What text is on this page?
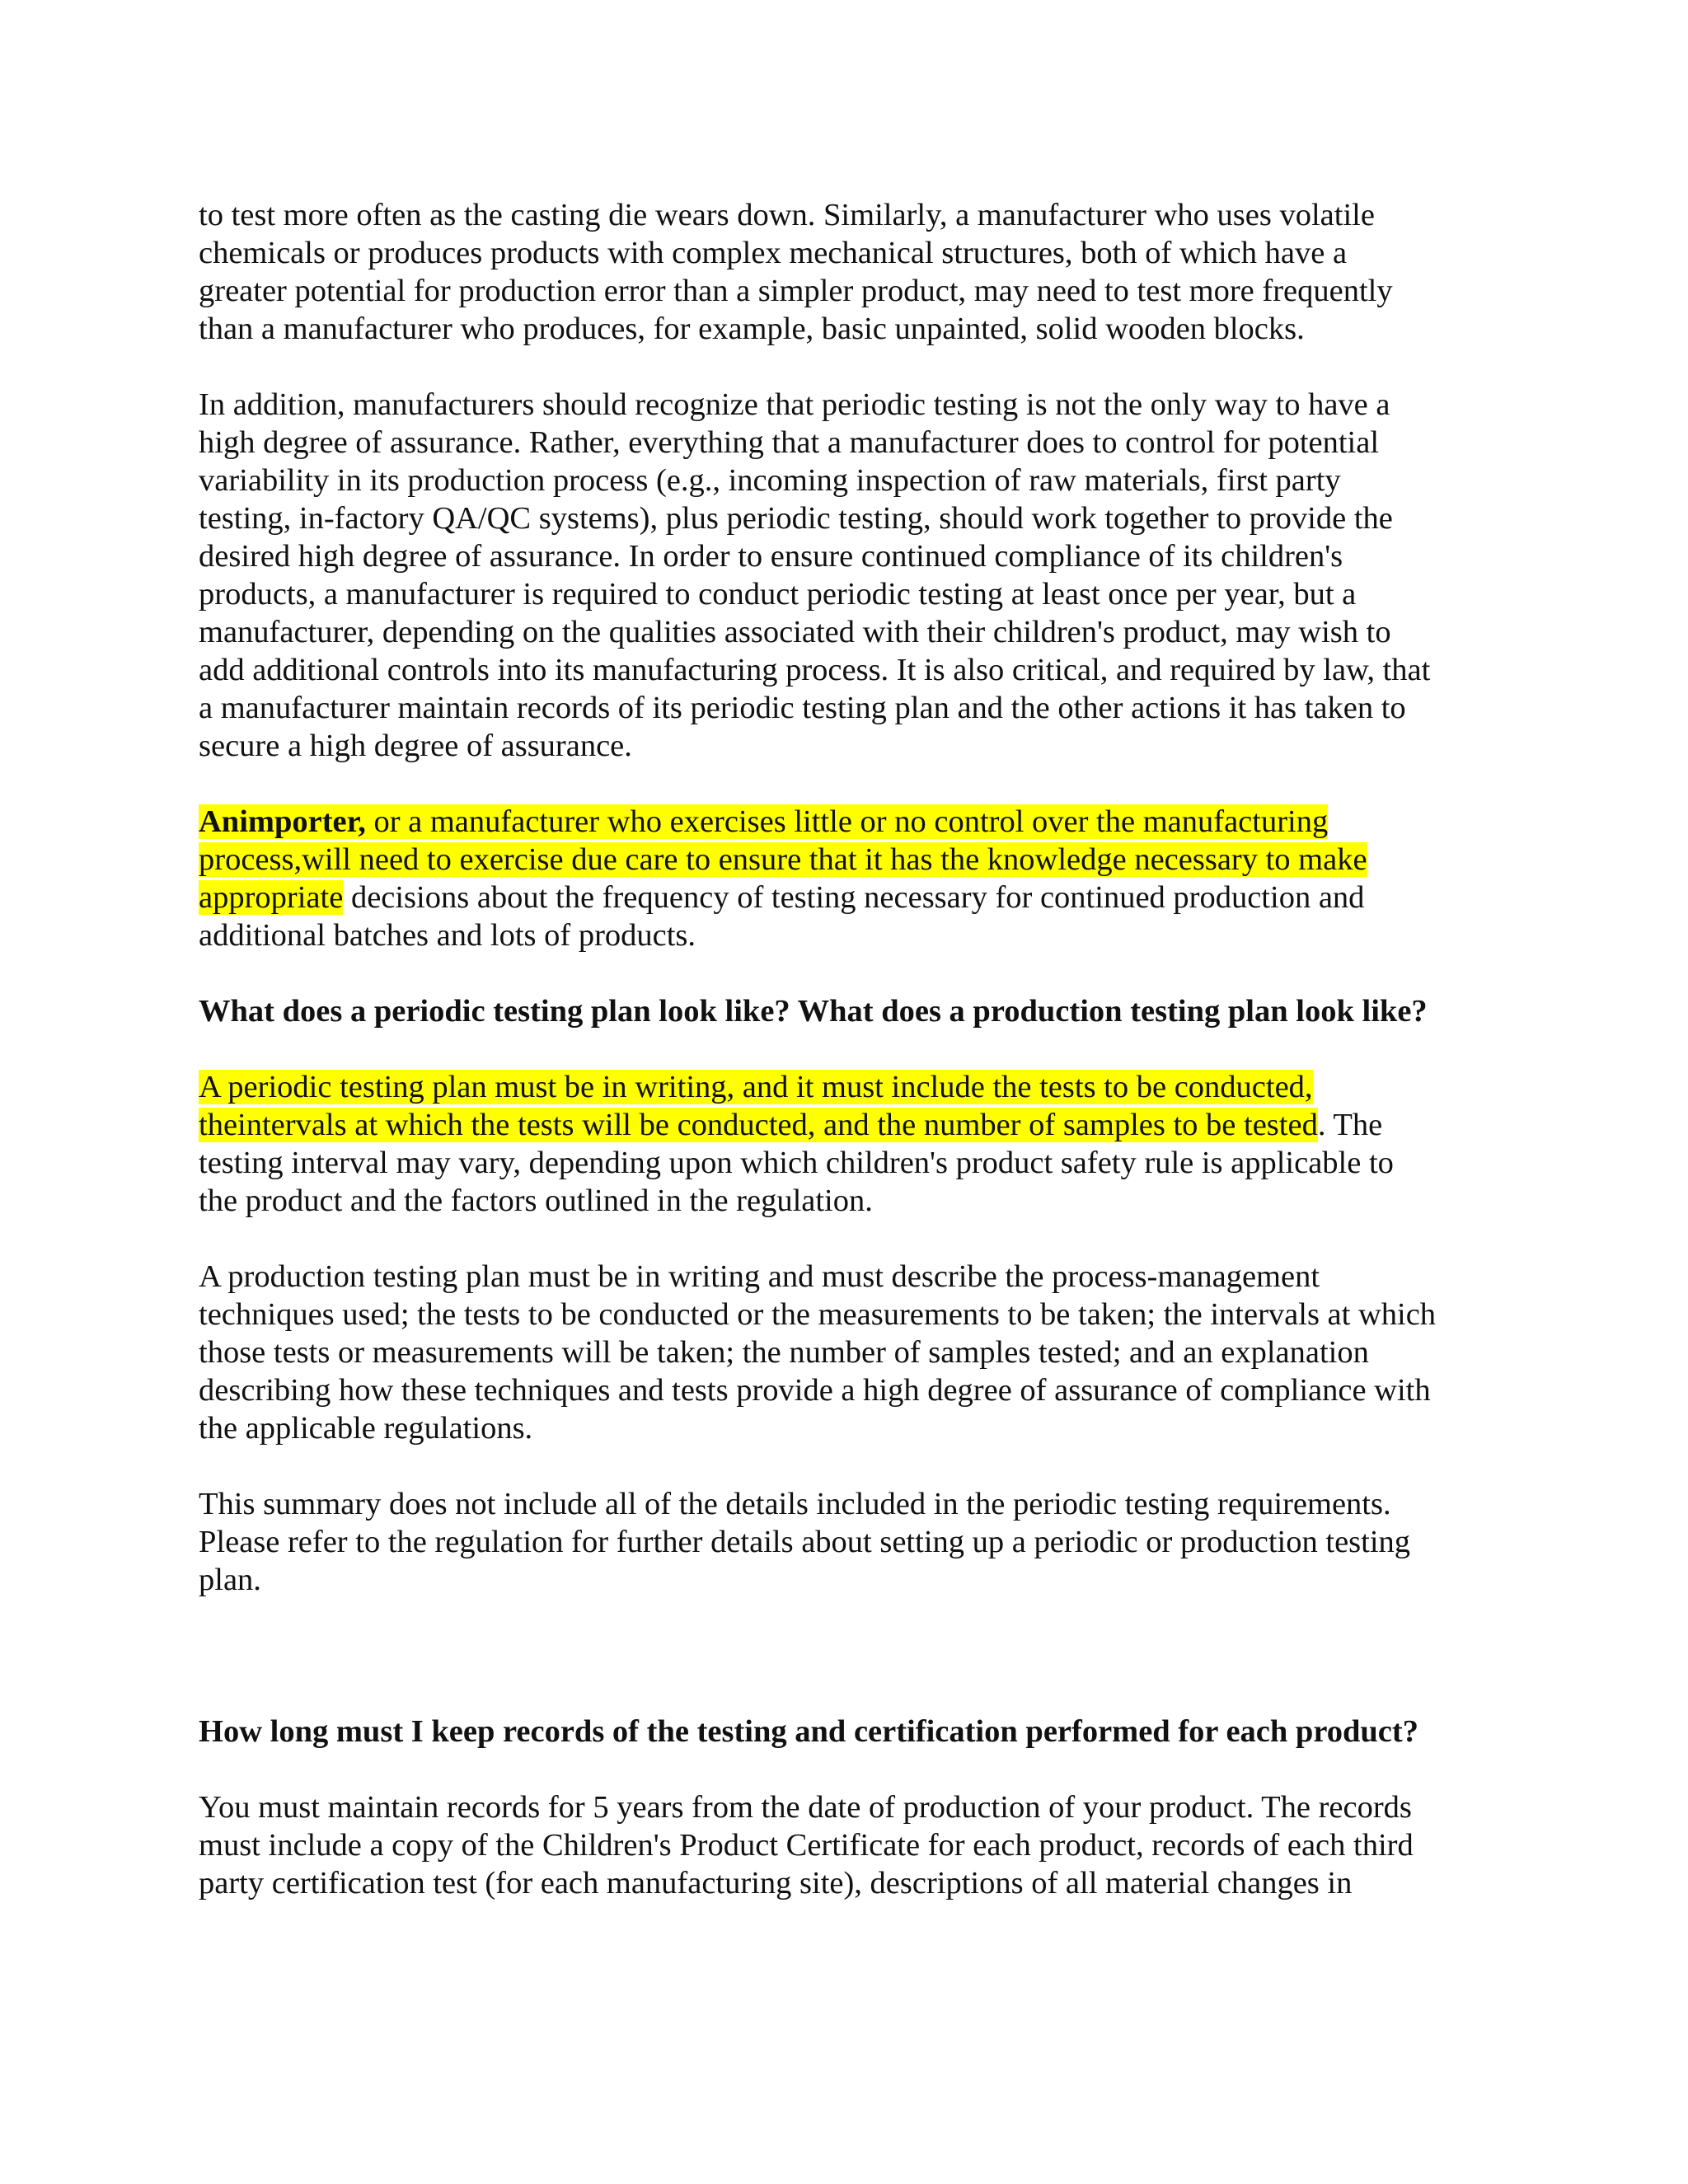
to test more often as the casting die wears down. Similarly, a manufacturer who uses volatile
chemicals or produces products with complex mechanical structures, both of which have a
greater potential for production error than a simpler product, may need to test more frequently
than a manufacturer who produces, for example, basic unpainted, solid wooden blocks.

In addition, manufacturers should recognize that periodic testing is not the only way to have a
high degree of assurance. Rather, everything that a manufacturer does to control for potential
variability in its production process (e.g., incoming inspection of raw materials, first party
testing, in-factory QA/QC systems), plus periodic testing, should work together to provide the
desired high degree of assurance. In order to ensure continued compliance of its children's
products, a manufacturer is required to conduct periodic testing at least once per year, but a
manufacturer, depending on the qualities associated with their children's product, may wish to
add additional controls into its manufacturing process. It is also critical, and required by law, that
a manufacturer maintain records of its periodic testing plan and the other actions it has taken to
secure a high degree of assurance.

Animporter, or a manufacturer who exercises little or no control over the manufacturing
process,will need to exercise due care to ensure that it has the knowledge necessary to make
appropriate decisions about the frequency of testing necessary for continued production and
additional batches and lots of products.

What does a periodic testing plan look like? What does a production testing plan look like?

A periodic testing plan must be in writing, and it must include the tests to be conducted,
theintervals at which the tests will be conducted, and the number of samples to be tested. The
testing interval may vary, depending upon which children's product safety rule is applicable to
the product and the factors outlined in the regulation.

A production testing plan must be in writing and must describe the process-management
techniques used; the tests to be conducted or the measurements to be taken; the intervals at which
those tests or measurements will be taken; the number of samples tested; and an explanation
describing how these techniques and tests provide a high degree of assurance of compliance with
the applicable regulations.

This summary does not include all of the details included in the periodic testing requirements.
Please refer to the regulation for further details about setting up a periodic or production testing
plan.

How long must I keep records of the testing and certification performed for each product?

You must maintain records for 5 years from the date of production of your product. The records
must include a copy of the Children's Product Certificate for each product, records of each third
party certification test (for each manufacturing site), descriptions of all material changes in
